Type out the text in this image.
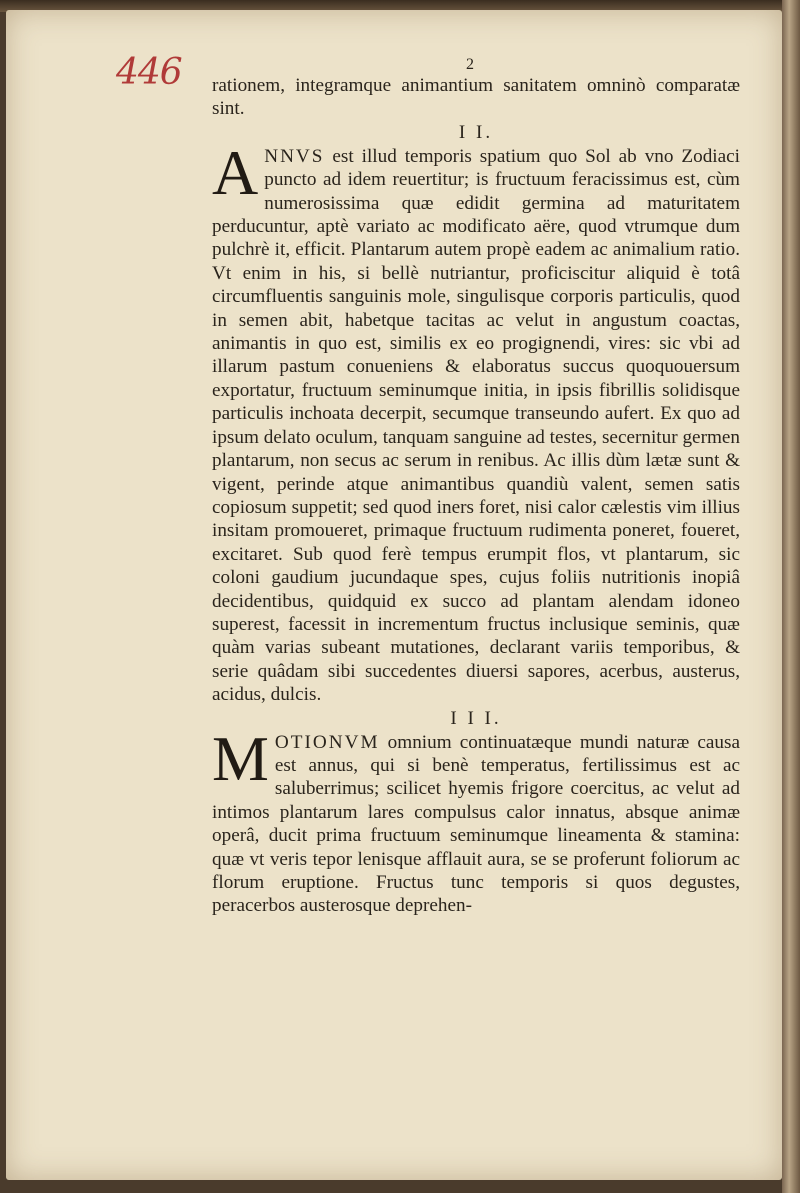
446	2

rationem, integramque animantium sanitatem omninò comparatæ sint.

I I.

ANNVS est illud temporis spatium quo Sol ab vno Zodiaci puncto ad idem reuertitur; is fructuum feracissimus est, cùm numerosissima quæ edidit germina ad maturitatem perducuntur, aptè variato ac modificato aëre, quod vtrumque dum pulchrè it, efficit. Plantarum autem propè eadem ac animalium ratio. Vt enim in his, si bellè nutriantur, proficiscitur aliquid è totâ circumfluentis sanguinis mole, singulisque corporis particulis, quod in semen abit, habetque tacitas ac velut in angustum coactas, animantis in quo est, similis ex eo progignendi, vires: sic vbi ad illarum pastum conueniens & elaboratus succus quoquouersum exportatur, fructuum seminumque initia, in ipsis fibrillis solidisque particulis inchoata decerpit, secumque transeundo aufert. Ex quo ad ipsum delato oculum, tanquam sanguine ad testes, secernitur germen plantarum, non secus ac serum in renibus. Ac illis dùm lætæ sunt & vigent, perinde atque animantibus quandiù valent, semen satis copiosum suppetit; sed quod iners foret, nisi calor cælestis vim illius insitam promoueret, primaque fructuum rudimenta poneret, foueret, excitaret. Sub quod ferè tempus erumpit flos, vt plantarum, sic coloni gaudium jucundaque spes, cujus foliis nutritionis inopiâ decidentibus, quidquid ex succo ad plantam alendam idoneo superest, facessit in incrementum fructus inclusique seminis, quæ quàm varias subeant mutationes, declarant variis temporibus, & serie quâdam sibi succedentes diuersi sapores, acerbus, austerus, acidus, dulcis.

I I I.

MOTIONVM omnium continuatæque mundi naturæ causa est annus, qui si benè temperatus, fertilissimus est ac saluberrimus; scilicet hyemis frigore coercitus, ac velut ad intimos plantarum lares compulsus calor innatus, absque animæ operâ, ducit prima fructuum seminumque lineamenta & stamina: quæ vt veris tepor lenisque afflauit aura, se se proferunt foliorum ac florum eruptione. Fructus tunc temporis si quos degustes, peracerbos austerosque deprehen-
